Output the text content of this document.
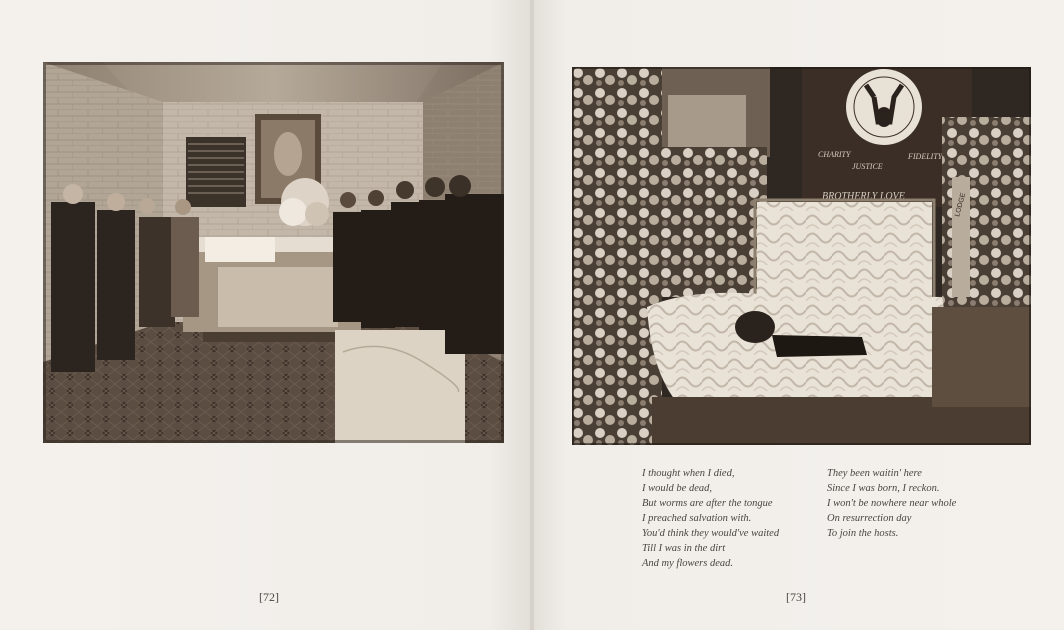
CHARITY
JUSTICE
FIDELITY
BROTHERLY LOVE	LODGE
I thought when I died,
I would be dead,
But worms are after the tongue
I preached salvation with.
You'd think they would've waited
Till I was in the dirt
And my flowers dead.
They been waitin' here
Since I was born, I reckon.
I won't be nowhere near whole
On resurrection day
To join the hosts.
[72]	[73]
